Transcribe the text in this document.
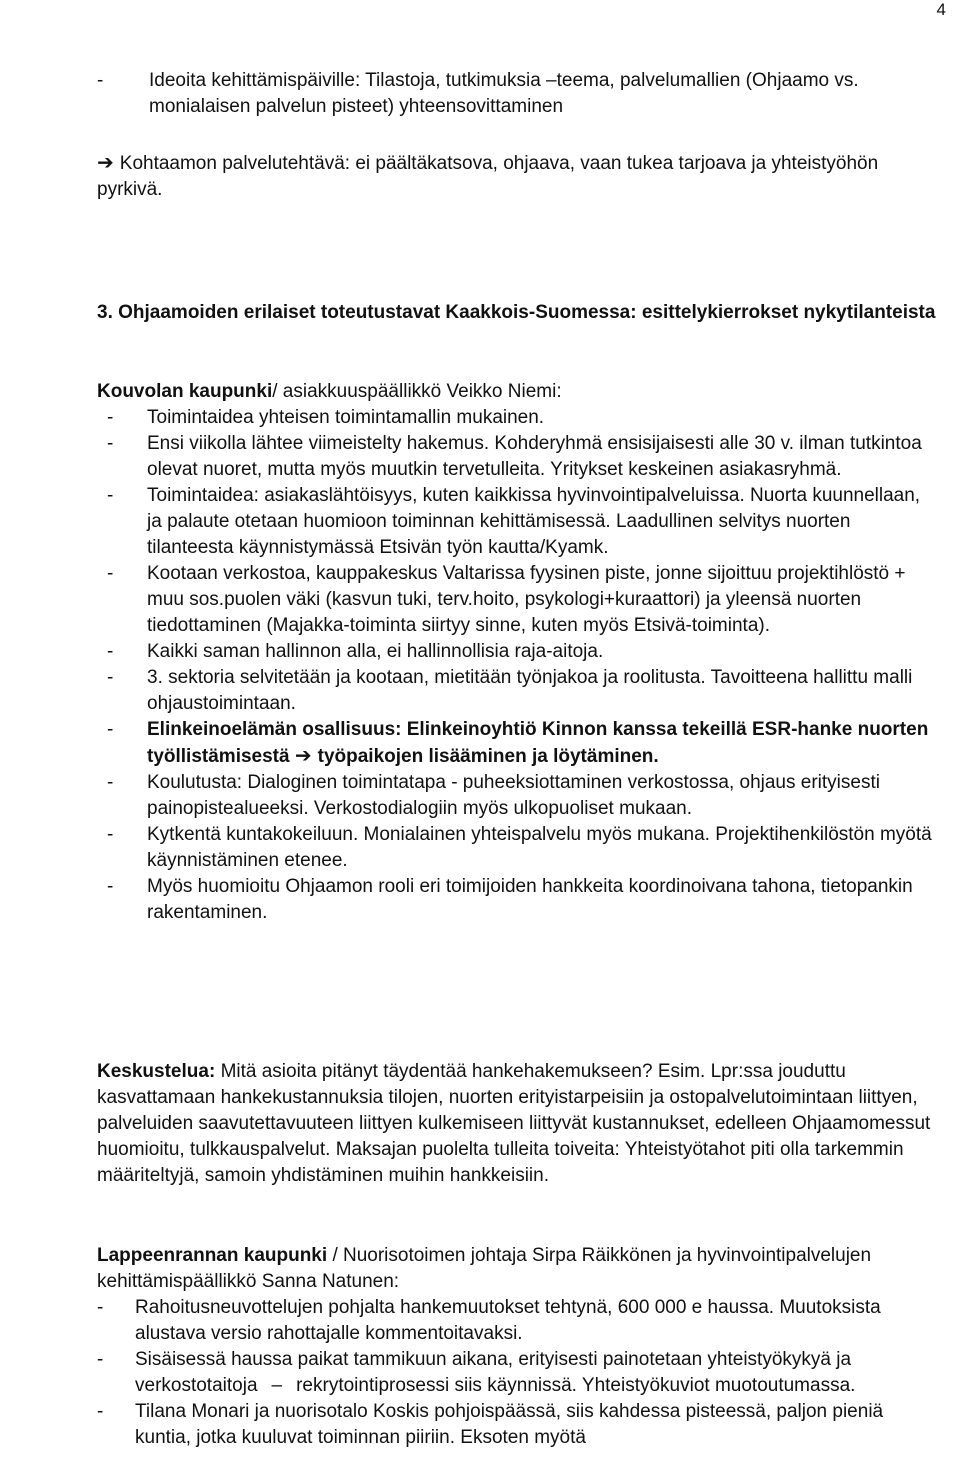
4
-	Ideoita kehittämispäiville: Tilastoja, tutkimuksia –teema, palvelumallien (Ohjaamo vs. monialaisen palvelun pisteet) yhteensovittaminen
➔ Kohtaamon palvelutehtävä: ei päältäkatsova, ohjaava, vaan tukea tarjoava ja yhteistyöhön pyrkivä.
3. Ohjaamoiden erilaiset toteutustavat Kaakkois-Suomessa: esittelykierrokset nykytilanteista
Kouvolan kaupunki/ asiakkuuspäällikkö Veikko Niemi:
-	Toimintaidea yhteisen toimintamallin mukainen.
-	Ensi viikolla lähtee viimeistelty hakemus. Kohderyhmä ensisijaisesti alle 30 v. ilman tutkintoa olevat nuoret, mutta myös muutkin tervetulleita. Yritykset keskeinen asiakasryhmä.
-	Toimintaidea: asiakaslähtöisyys, kuten kaikkissa hyvinvointipalveluissa. Nuorta kuunnellaan, ja palaute otetaan huomioon toiminnan kehittämisessä. Laadullinen selvitys nuorten tilanteesta käynnistymässä Etsivän työn kautta/Kyamk.
-	Kootaan verkostoa, kauppakeskus Valtarissa fyysinen piste, jonne sijoittuu projektihlöstö + muu sos.puolen väki (kasvun tuki, terv.hoito, psykologi+kuraattori) ja yleensä nuorten tiedottaminen (Majakka-toiminta siirtyy sinne, kuten myös Etsivä-toiminta).
-	Kaikki saman hallinnon alla, ei hallinnollisia raja-aitoja.
-	3. sektoria selvitetään ja kootaan, mietitään työnjakoa ja roolitusta. Tavoitteena hallittu malli ohjaustoimintaan.
-	Elinkeinoelämän osallisuus: Elinkeinoyhtiö Kinnon kanssa tekeillä ESR-hanke nuorten työllistämisestä ➔ työpaikojen lisääminen ja löytäminen.
-	Koulutusta: Dialoginen toimintatapa - puheeksiottaminen verkostossa, ohjaus erityisesti painopistealueeksi. Verkostodialogiin myös ulkopuoliset mukaan.
-	Kytkentä kuntakokeiluun. Monialainen yhteispalvelu myös mukana. Projektihenkilöstön myötä käynnistäminen etenee.
-	Myös huomioitu Ohjaamon rooli eri toimijoiden hankkeita koordinoivana tahona, tietopankin rakentaminen.
Keskustelua: Mitä asioita pitänyt täydentää hankehakemukseen? Esim. Lpr:ssa jouduttu kasvattamaan hankekustannuksia tilojen, nuorten erityistarpeisiin ja ostopalvelutoimintaan liittyen, palveluiden saavutettavuuteen liittyen kulkemiseen liittyvät kustannukset, edelleen Ohjaamomessut huomioitu, tulkkauspalvelut. Maksajan puolelta tulleita toiveita: Yhteistyötahot piti olla tarkemmin määriteltyjä, samoin yhdistäminen muihin hankkeisiin.
Lappeenrannan kaupunki / Nuorisotoimen johtaja Sirpa Räikkönen ja hyvinvointipalvelujen kehittämispäällikkö Sanna Natunen:
-	Rahoitusneuvottelujen pohjalta hankemuutokset tehtynä, 600 000 e haussa. Muutoksista alustava versio rahottajalle kommentoitavaksi.
-	Sisäisessä haussa paikat tammikuun aikana, erityisesti painotetaan yhteistyökykyä ja verkostotaitoja – rekrytointiprosessi siis käynnissä. Yhteistyökuviot muotoutumassa.
-	Tilana Monari ja nuorisotalo Koskis pohjoispäässä, siis kahdessa pisteessä, paljon pieniä kuntia, jotka kuuluvat toiminnan piiriin. Eksoten myötä
